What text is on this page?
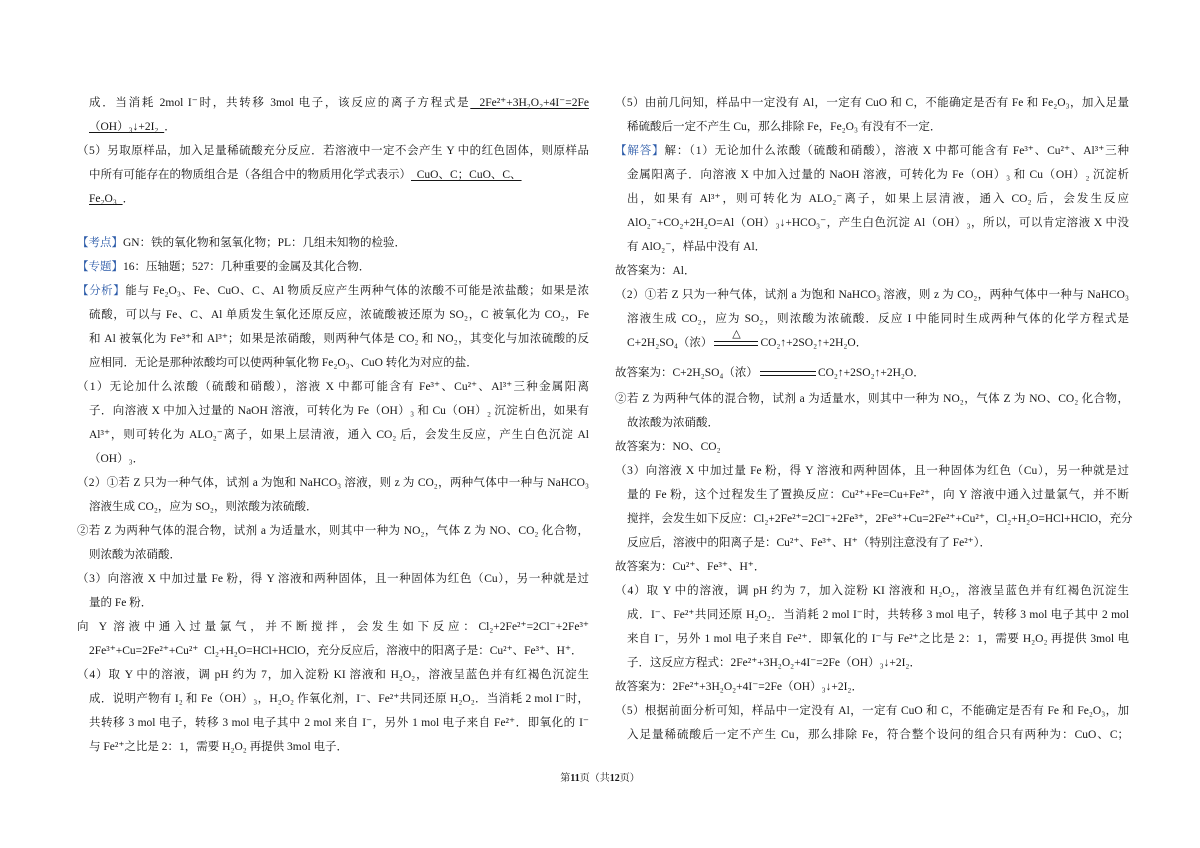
成．当消耗 2mol I⁻时，共转移 3mol 电子，该反应的离子方程式是  2Fe²⁺+3H₂O₂+4I⁻=2Fe
（OH）₃↓+2I₂  ．
（5）另取原样品，加入足量稀硫酸充分反应．若溶液中一定不会产生 Y 中的红色固体，则原样品
中所有可能存在的物质组合是（各组合中的物质用化学式表示）  CuO、C；CuO、C、
Fe₂O₃  ．
【考点】GN：铁的氧化物和氢氧化物；PL：几组未知物的检验．
【专题】16：压轴题；527：几种重要的金属及其化合物．
【分析】能与 Fe₂O₃、Fe、CuO、C、Al 物质反应产生两种气体的浓酸不可能是浓盐酸；如果是浓
硫酸，可以与 Fe、C、Al 单质发生氧化还原反应，浓硫酸被还原为 SO₂，C 被氧化为 CO₂，Fe
和 Al 被氧化为 Fe³⁺和 Al³⁺；如果是浓硝酸，则两种气体是 CO₂ 和 NO₂，其变化与加浓硫酸的反
应相同．无论是那种浓酸均可以使两种氧化物 Fe₂O₃、CuO 转化为对应的盐．
（1）无论加什么浓酸（硫酸和硝酸），溶液 X 中都可能含有 Fe³⁺、Cu²⁺、Al³⁺三种金属阳离
子．向溶液 X 中加入过量的 NaOH 溶液，可转化为 Fe（OH）₃ 和 Cu（OH）₂ 沉淀析出，如果有
Al³⁺，则可转化为 ALO₂⁻离子，如果上层清液，通入 CO₂ 后，会发生反应，产生白色沉淀 Al
（OH）₃．
（2）①若 Z 只为一种气体，试剂 a 为饱和 NaHCO₃ 溶液，则 z 为 CO₂，两种气体中一种与 NaHCO₃
溶液生成 CO₂，应为 SO₂，则浓酸为浓硫酸．
②若 Z 为两种气体的混合物，试剂 a 为适量水，则其中一种为 NO₂，气体 Z 为 NO、CO₂ 化合物，
则浓酸为浓硝酸．
（3）向溶液 X 中加过量 Fe 粉，得 Y 溶液和两种固体，且一种固体为红色（Cu），另一种就是过
量的 Fe 粉．
向 Y 溶液中通入过量氯气，并不断搅拌，会发生如下反应：Cl₂+2Fe²⁺=2Cl⁻+2Fe³⁺
2Fe³⁺+Cu=2Fe²⁺+Cu²⁺  Cl₂+H₂O=HCl+HClO，充分反应后，溶液中的阳离子是：Cu²⁺、Fe³⁺、H⁺．
（4）取 Y 中的溶液，调 pH 约为 7，加入淀粉 KI 溶液和 H₂O₂，溶液呈蓝色并有红褐色沉淀生
成．说明产物有 I₂ 和 Fe（OH）₃，H₂O₂ 作氧化剂，I⁻、Fe²⁺共同还原 H₂O₂．当消耗 2 mol I⁻时，
共转移 3 mol 电子，转移 3 mol 电子其中 2 mol 来自 I⁻，另外 1 mol 电子来自 Fe²⁺．即氧化的 I⁻
与 Fe²⁺之比是 2：1，需要 H₂O₂ 再提供 3mol 电子．
（5）由前几问知，样品中一定没有 Al，一定有 CuO 和 C，不能确定是否有 Fe 和 Fe₂O₃，加入足量
稀硫酸后一定不产生 Cu，那么排除 Fe，Fe₂O₃ 有没有不一定．
【解答】解：（1）无论加什么浓酸（硫酸和硝酸），溶液 X 中都可能含有 Fe³⁺、Cu²⁺、Al³⁺三种
金属阳离子．向溶液 X 中加入过量的 NaOH 溶液，可转化为 Fe（OH）₃ 和 Cu（OH）₂ 沉淀析
出，如果有 Al³⁺，则可转化为 ALO₂⁻离子，如果上层清液，通入 CO₂ 后，会发生反应
AlO₂⁻+CO₂+2H₂O=Al（OH）₃↓+HCO₃⁻，产生白色沉淀 Al（OH）₃，所以，可以肯定溶液 X 中没
有 AlO₂⁻，样品中没有 Al．
故答案为：Al．
（2）①若 Z 只为一种气体，试剂 a 为饱和 NaHCO₃ 溶液，则 z 为 CO₂，两种气体中一种与 NaHCO₃
溶液生成 CO₂，应为 SO₂，则浓酸为浓硫酸．反应 I 中能同时生成两种气体的化学方程式是
C+2H₂SO₄（浓）
△
CO₂↑+2SO₂↑+2H₂O．
故答案为：C+2H₂SO₄（浓）	CO₂↑+2SO₂↑+2H₂O．
②若 Z 为两种气体的混合物，试剂 a 为适量水，则其中一种为 NO₂，气体 Z 为 NO、CO₂ 化合物，
故浓酸为浓硝酸．
故答案为：NO、CO₂
（3）向溶液 X 中加过量 Fe 粉，得 Y 溶液和两种固体，且一种固体为红色（Cu），另一种就是过
量的 Fe 粉，这个过程发生了置换反应：Cu²⁺+Fe=Cu+Fe²⁺，向 Y 溶液中通入过量氯气，并不断
搅拌，会发生如下反应：Cl₂+2Fe²⁺=2Cl⁻+2Fe³⁺，2Fe³⁺+Cu=2Fe²⁺+Cu²⁺，Cl₂+H₂O=HCl+HClO，充分
反应后，溶液中的阳离子是：Cu²⁺、Fe³⁺、H⁺（特别注意没有了 Fe²⁺）．
故答案为：Cu²⁺、Fe³⁺、H⁺．
（4）取 Y 中的溶液，调 pH 约为 7，加入淀粉 KI 溶液和 H₂O₂，溶液呈蓝色并有红褐色沉淀生
成．I⁻、Fe²⁺共同还原 H₂O₂．当消耗 2 mol I⁻时，共转移 3 mol 电子，转移 3 mol 电子其中 2 mol
来自 I⁻，另外 1 mol 电子来自 Fe²⁺．即氧化的 I⁻与 Fe²⁺之比是 2：1，需要 H₂O₂ 再提供 3mol 电
子．这反应方程式：2Fe²⁺+3H₂O₂+4I⁻=2Fe（OH）₃↓+2I₂．
故答案为：2Fe²⁺+3H₂O₂+4I⁻=2Fe（OH）₃↓+2I₂．
（5）根据前面分析可知，样品中一定没有 Al，一定有 CuO 和 C，不能确定是否有 Fe 和 Fe₂O₃，加
入足量稀硫酸后一定不产生 Cu，那么排除 Fe，符合整个设问的组合只有两种为：CuO、C；
第11页（共12页）
